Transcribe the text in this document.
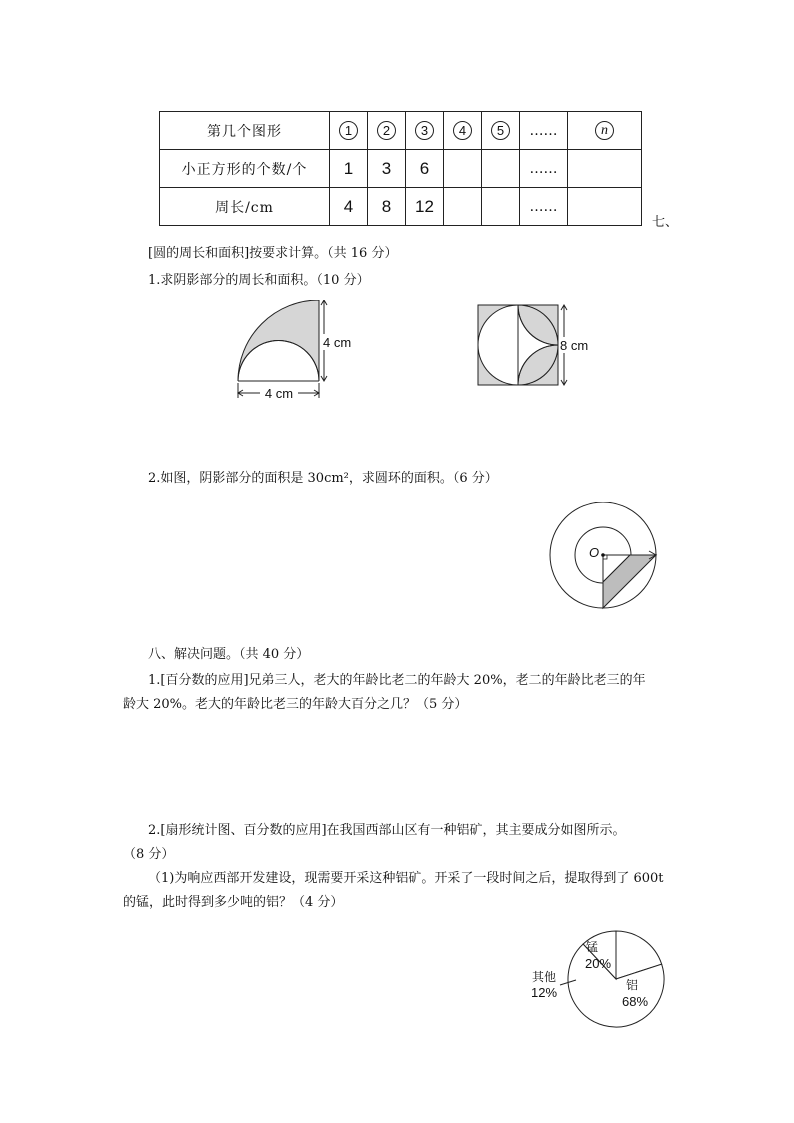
第几个图形	1	2	3	4	5	……	n
小正方形的个数/个	1	3	6			……	
周长/cm	4	8	12			……	
七、
[圆的周长和面积]按要求计算。（共 16 分）
1.求阴影部分的周长和面积。（10 分）
4 cm
4 cm
8 cm
2.如图，阴影部分的面积是 30cm²，求圆环的面积。（6 分）
O
八、解决问题。（共 40 分）
1.[百分数的应用]兄弟三人，老大的年龄比老二的年龄大 20%，老二的年龄比老三的年
龄大 20%。老大的年龄比老三的年龄大百分之几？（5 分）
2.[扇形统计图、百分数的应用]在我国西部山区有一种铝矿，其主要成分如图所示。
（8 分）
（1)为响应西部开发建设，现需要开采这种铝矿。开采了一段时间之后，提取得到了 600t
的锰，此时得到多少吨的铝？（4 分）
锰
20%
铝
68%
其他
12%
